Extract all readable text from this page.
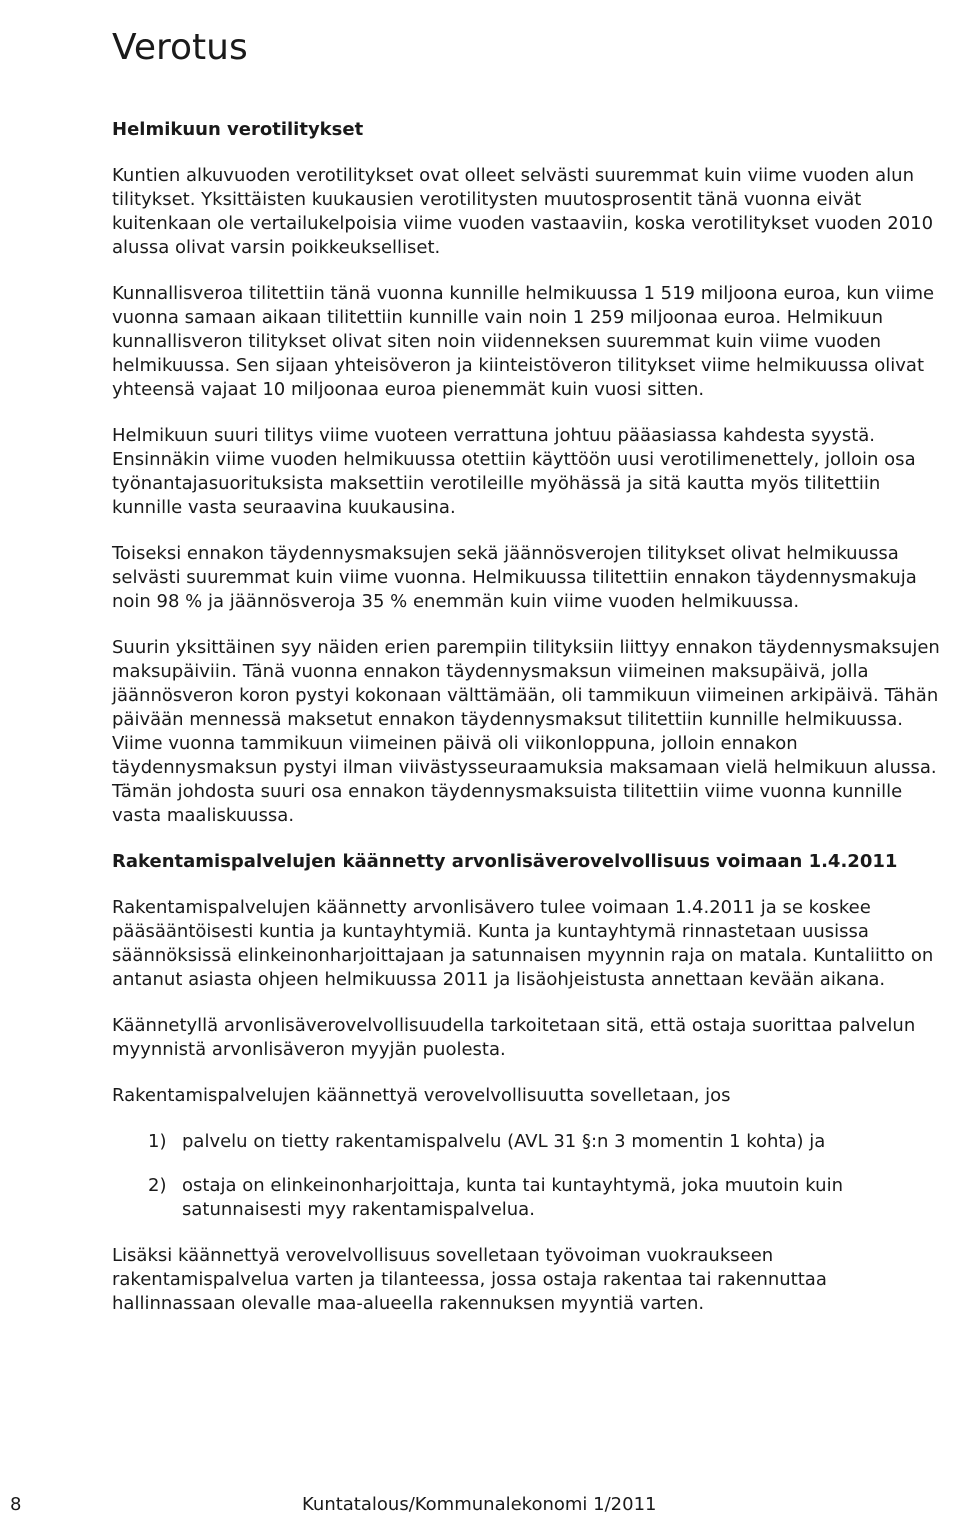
Verotus
Helmikuun verotilitykset

Kuntien alkuvuoden verotilitykset ovat olleet selvästi suuremmat kuin viime vuoden alun tilitykset. Yksittäisten kuukausien verotilitysten muutosprosentit tänä vuonna eivät kuitenkaan ole vertailukelpoisia viime vuoden vastaaviin, koska verotilitykset vuoden 2010 alussa olivat varsin poikkeukselliset.

Kunnallisveroa tilitettiin tänä vuonna kunnille helmikuussa 1 519 miljoona euroa, kun viime vuonna samaan aikaan tilitettiin kunnille vain noin 1 259 miljoonaa euroa. Helmikuun kunnallisveron tilitykset olivat siten noin viidenneksen suuremmat kuin viime vuoden helmikuussa. Sen sijaan yhteisöveron ja kiinteistöveron tilitykset viime helmikuussa olivat yhteensä vajaat 10 miljoonaa euroa pienemmät kuin vuosi sitten.

Helmikuun suuri tilitys viime vuoteen verrattuna johtuu pääasiassa kahdesta syystä. Ensinnäkin viime vuoden helmikuussa otettiin käyttöön uusi verotilimenettely, jolloin osa työnantajasuorituksista maksettiin verotileille myöhässä ja sitä kautta myös tilitettiin kunnille vasta seuraavina kuukausina.

Toiseksi ennakon täydennysmaksujen sekä jäännösverojen tilitykset olivat helmikuussa selvästi suuremmat kuin viime vuonna. Helmikuussa tilitettiin ennakon täydennysmakuja noin 98 % ja jäännösveroja 35 % enemmän kuin viime vuoden helmikuussa.

Suurin yksittäinen syy näiden erien parempiin tilityksiin liittyy ennakon täydennysmaksujen maksupäiviin. Tänä vuonna ennakon täydennysmaksun viimeinen maksupäivä, jolla jäännösveron koron pystyi kokonaan välttämään, oli tammikuun viimeinen arkipäivä. Tähän päivään mennessä maksetut ennakon täydennysmaksut tilitettiin kunnille helmikuussa. Viime vuonna tammikuun viimeinen päivä oli viikonloppuna, jolloin ennakon täydennysmaksun pystyi ilman viivästysseuraamuksia maksamaan vielä helmikuun alussa. Tämän johdosta suuri osa ennakon täydennysmaksuista tilitettiin viime vuonna kunnille vasta maaliskuussa.

Rakentamispalvelujen käännetty arvonlisäverovelvollisuus voimaan 1.4.2011

Rakentamispalvelujen käännetty arvonlisävero tulee voimaan 1.4.2011 ja se koskee pääsääntöisesti kuntia ja kuntayhtymiä. Kunta ja kuntayhtymä rinnastetaan uusissa säännöksissä elinkeinonharjoittajaan ja satunnaisen myynnin raja on matala. Kuntaliitto on antanut asiasta ohjeen helmikuussa 2011 ja lisäohjeistusta annettaan kevään aikana.

Käännetyllä arvonlisäverovelvollisuudella tarkoitetaan sitä, että ostaja suorittaa palvelun myynnistä arvonlisäveron myyjän puolesta.

Rakentamispalvelujen käännettyä verovelvollisuutta sovelletaan, jos

1) palvelu on tietty rakentamispalvelu (AVL 31 §:n 3 momentin 1 kohta) ja
2) ostaja on elinkeinonharjoittaja, kunta tai kuntayhtymä, joka muutoin kuin satunnaisesti myy rakentamispalvelua.

Lisäksi käännettyä verovelvollisuus sovelletaan työvoiman vuokraukseen rakentamispalvelua varten ja tilanteessa, jossa ostaja rakentaa tai rakennuttaa hallinnassaan olevalle maa-alueella rakennuksen myyntiä varten.

8	Kuntatalous/Kommunalekonomi 1/2011
